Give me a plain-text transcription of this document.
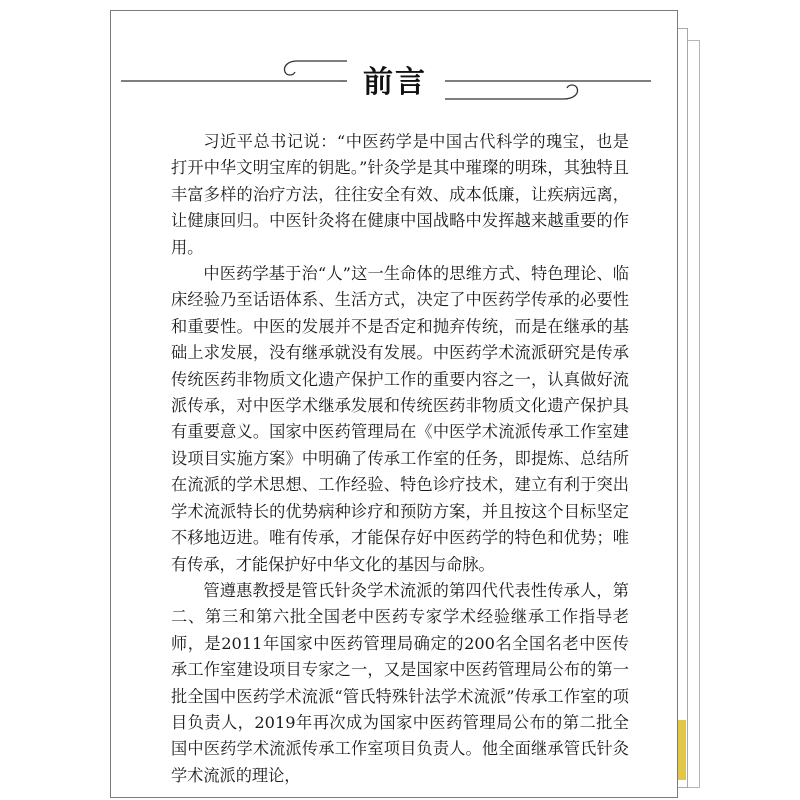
前言

习近平总书记说：“中医药学是中国古代科学的瑰宝，也是打开中华文明宝库的钥匙。”针灸学是其中璀璨的明珠，其独特且丰富多样的治疗方法，往往安全有效、成本低廉，让疾病远离，让健康回归。中医针灸将在健康中国战略中发挥越来越重要的作用。

中医药学基于治“人”这一生命体的思维方式、特色理论、临床经验乃至话语体系、生活方式，决定了中医药学传承的必要性和重要性。中医的发展并不是否定和抛弃传统，而是在继承的基础上求发展，没有继承就没有发展。中医药学术流派研究是传承传统医药非物质文化遗产保护工作的重要内容之一，认真做好流派传承，对中医学术继承发展和传统医药非物质文化遗产保护具有重要意义。国家中医药管理局在《中医学术流派传承工作室建设项目实施方案》中明确了传承工作室的任务，即提炼、总结所在流派的学术思想、工作经验、特色诊疗技术，建立有利于突出学术流派特长的优势病种诊疗和预防方案，并且按这个目标坚定不移地迈进。唯有传承，才能保存好中医药学的特色和优势；唯有传承，才能保护好中华文化的基因与命脉。

管遵惠教授是管氏针灸学术流派的第四代代表性传承人，第二、第三和第六批全国老中医药专家学术经验继承工作指导老师，是2011年国家中医药管理局确定的200名全国名老中医传承工作室建设项目专家之一，又是国家中医药管理局公布的第一批全国中医药学术流派“管氏特殊针法学术流派”传承工作室的项目负责人，2019年再次成为国家中医药管理局公布的第二批全国中医药学术流派传承工作室项目负责人。他全面继承管氏针灸学术流派的理论，
